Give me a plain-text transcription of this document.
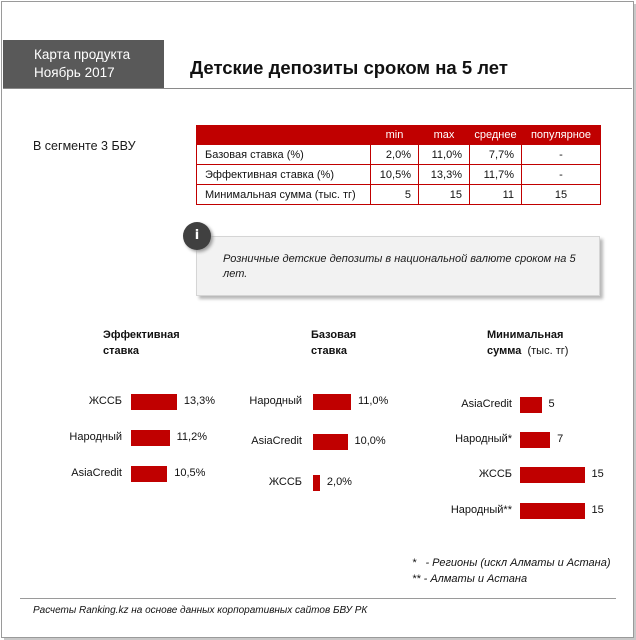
Карта продукта
Ноябрь 2017	Детские депозиты сроком на 5 лет
В сегменте 3 БВУ
	min	max	среднее	популярное
Базовая ставка (%)	2,0%	11,0%	7,7%	-
Эффективная ставка (%)	10,5%	13,3%	11,7%	-
Минимальная сумма (тыс. тг)	5	15	11	15
Розничные детские депозиты в национальной валюте сроком на 5 лет.
i
Эффективная
ставка
Базовая
ставка
Минимальная
сумма (тыс. тг)
ЖССБ	13,3%
Народный	11,2%
AsiaCredit	10,5%
Народный	11,0%
AsiaCredit	10,0%
ЖССБ 2,0%
AsiaCredit	5
Народный*	7
ЖССБ	15
Народный**	15
* - Регионы (искл Алматы и Астана)
** - Алматы и Астана
Расчеты Ranking.kz на основе данных корпоративных сайтов БВУ РК
